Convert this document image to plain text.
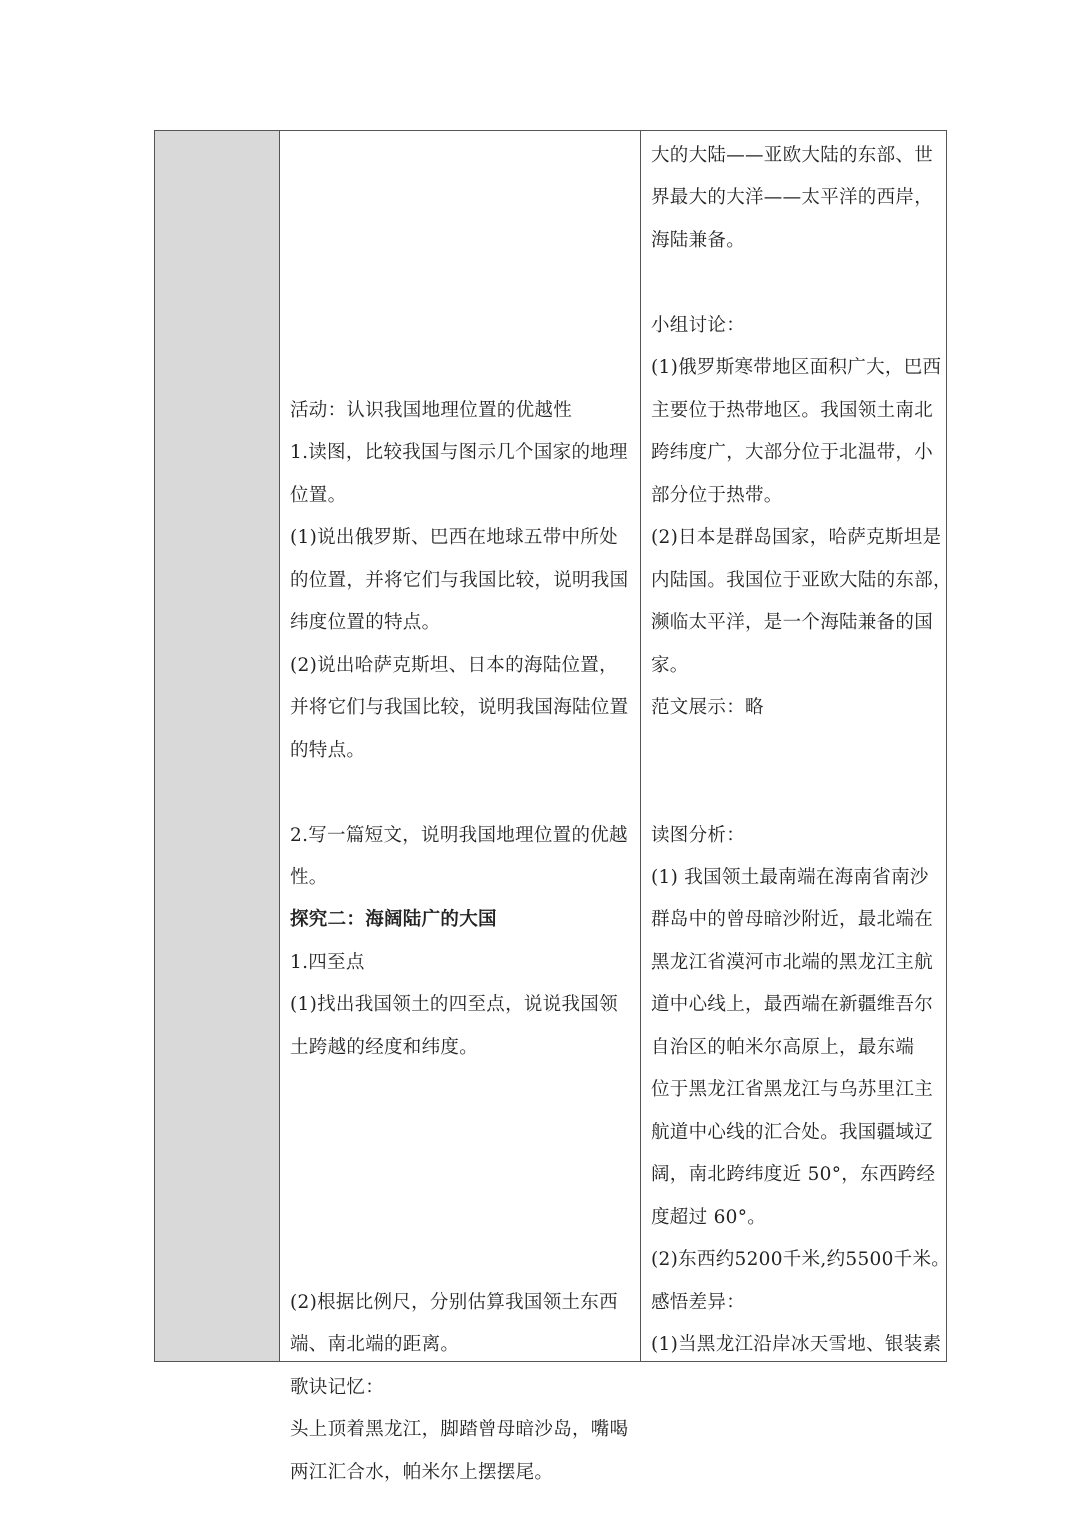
活动：认识我国地理位置的优越性
1.读图，比较我国与图示几个国家的地理
位置。
(1)说出俄罗斯、巴西在地球五带中所处
的位置，并将它们与我国比较，说明我国
纬度位置的特点。
(2)说出哈萨克斯坦、日本的海陆位置，
并将它们与我国比较，说明我国海陆位置
的特点。
2.写一篇短文，说明我国地理位置的优越
性。
探究二：海阔陆广的大国
1.四至点
(1)找出我国领土的四至点，说说我国领
土跨越的经度和纬度。
(2)根据比例尺，分别估算我国领土东西
端、南北端的距离。
歌诀记忆：
头上顶着黑龙江，脚踏曾母暗沙岛，嘴喝
两江汇合水，帕米尔上摆摆尾。
大的大陆——亚欧大陆的东部、世
界最大的大洋——太平洋的西岸，
海陆兼备。
小组讨论：
(1)俄罗斯寒带地区面积广大，巴西
主要位于热带地区。我国领土南北
跨纬度广，大部分位于北温带，小
部分位于热带。
(2)日本是群岛国家，哈萨克斯坦是
内陆国。我国位于亚欧大陆的东部，
濒临太平洋，是一个海陆兼备的国
家。
范文展示：略
读图分析：
(1) 我国领土最南端在海南省南沙
群岛中的曾母暗沙附近，最北端在
黑龙江省漠河市北端的黑龙江主航
道中心线上，最西端在新疆维吾尔
自治区的帕米尔高原上，最东端
位于黑龙江省黑龙江与乌苏里江主
航道中心线的汇合处。我国疆域辽
阔，南北跨纬度近 50°，东西跨经
度超过 60°。
(2)东西约5200千米,约5500千米。
感悟差异：
(1)当黑龙江沿岸冰天雪地、银装素
